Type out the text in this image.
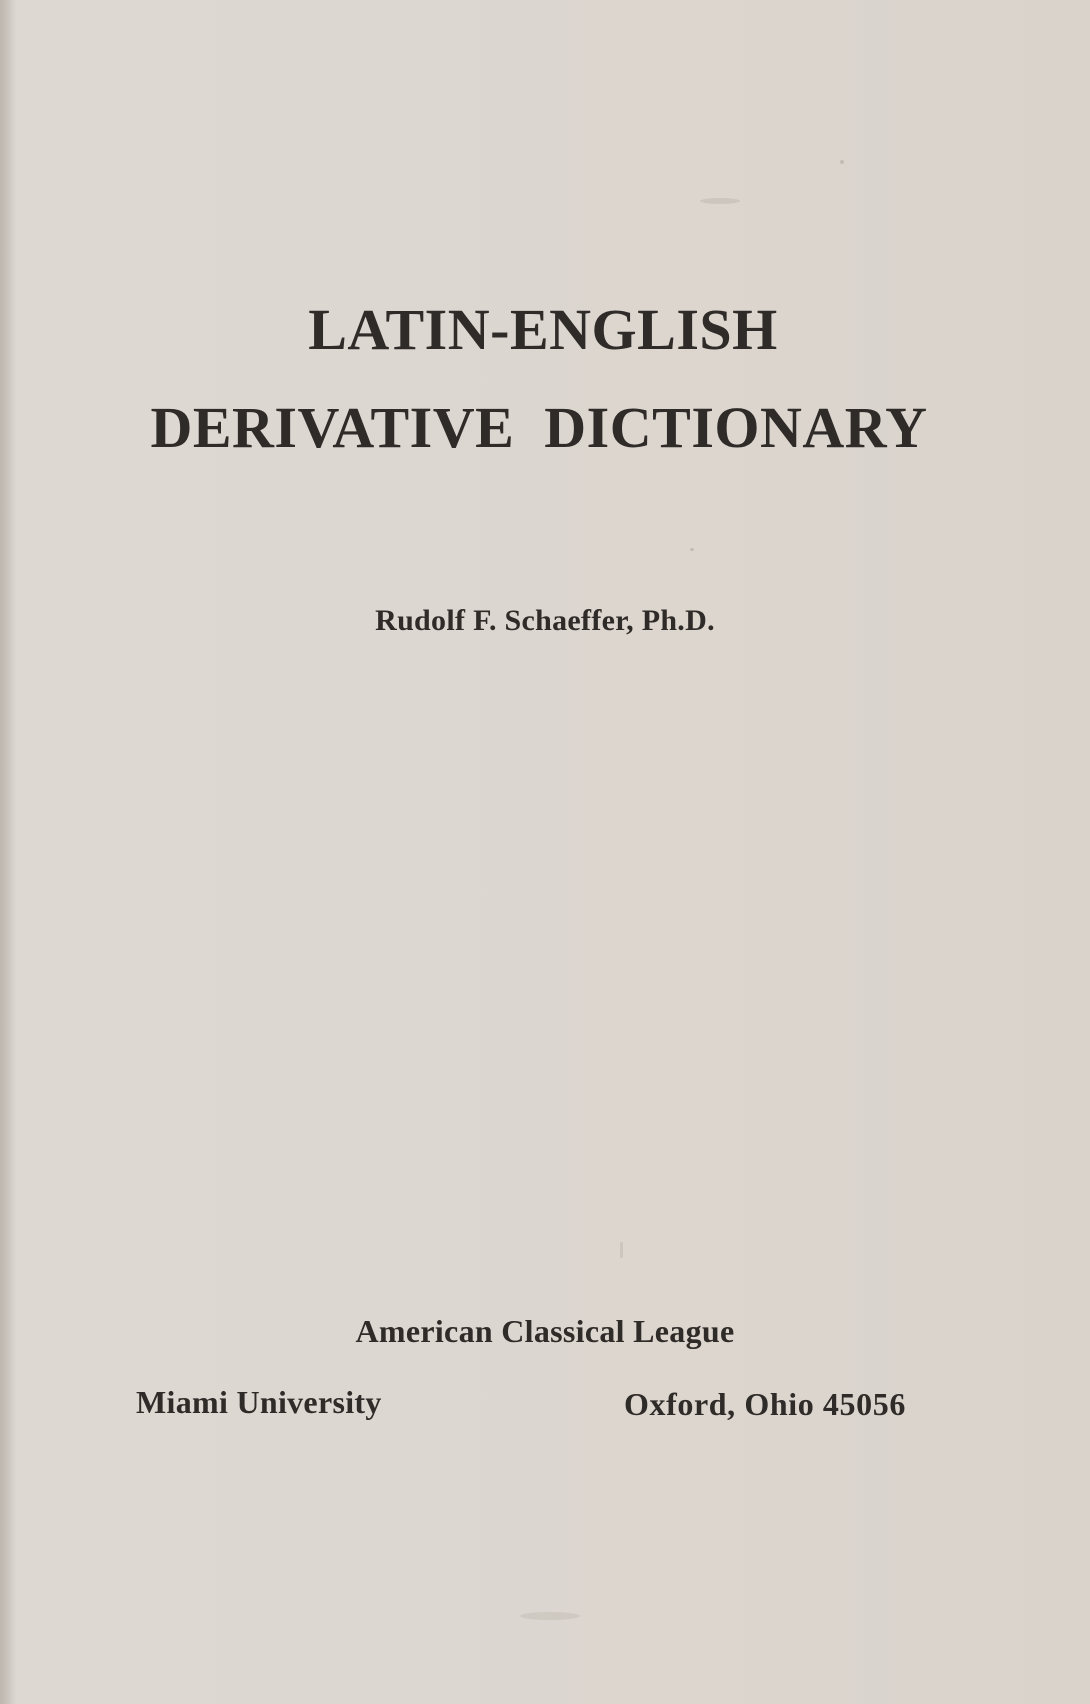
LATIN-ENGLISH
DERIVATIVE  DICTIONARY
Rudolf F. Schaeffer, Ph.D.
American Classical League
Miami University	Oxford, Ohio 45056
